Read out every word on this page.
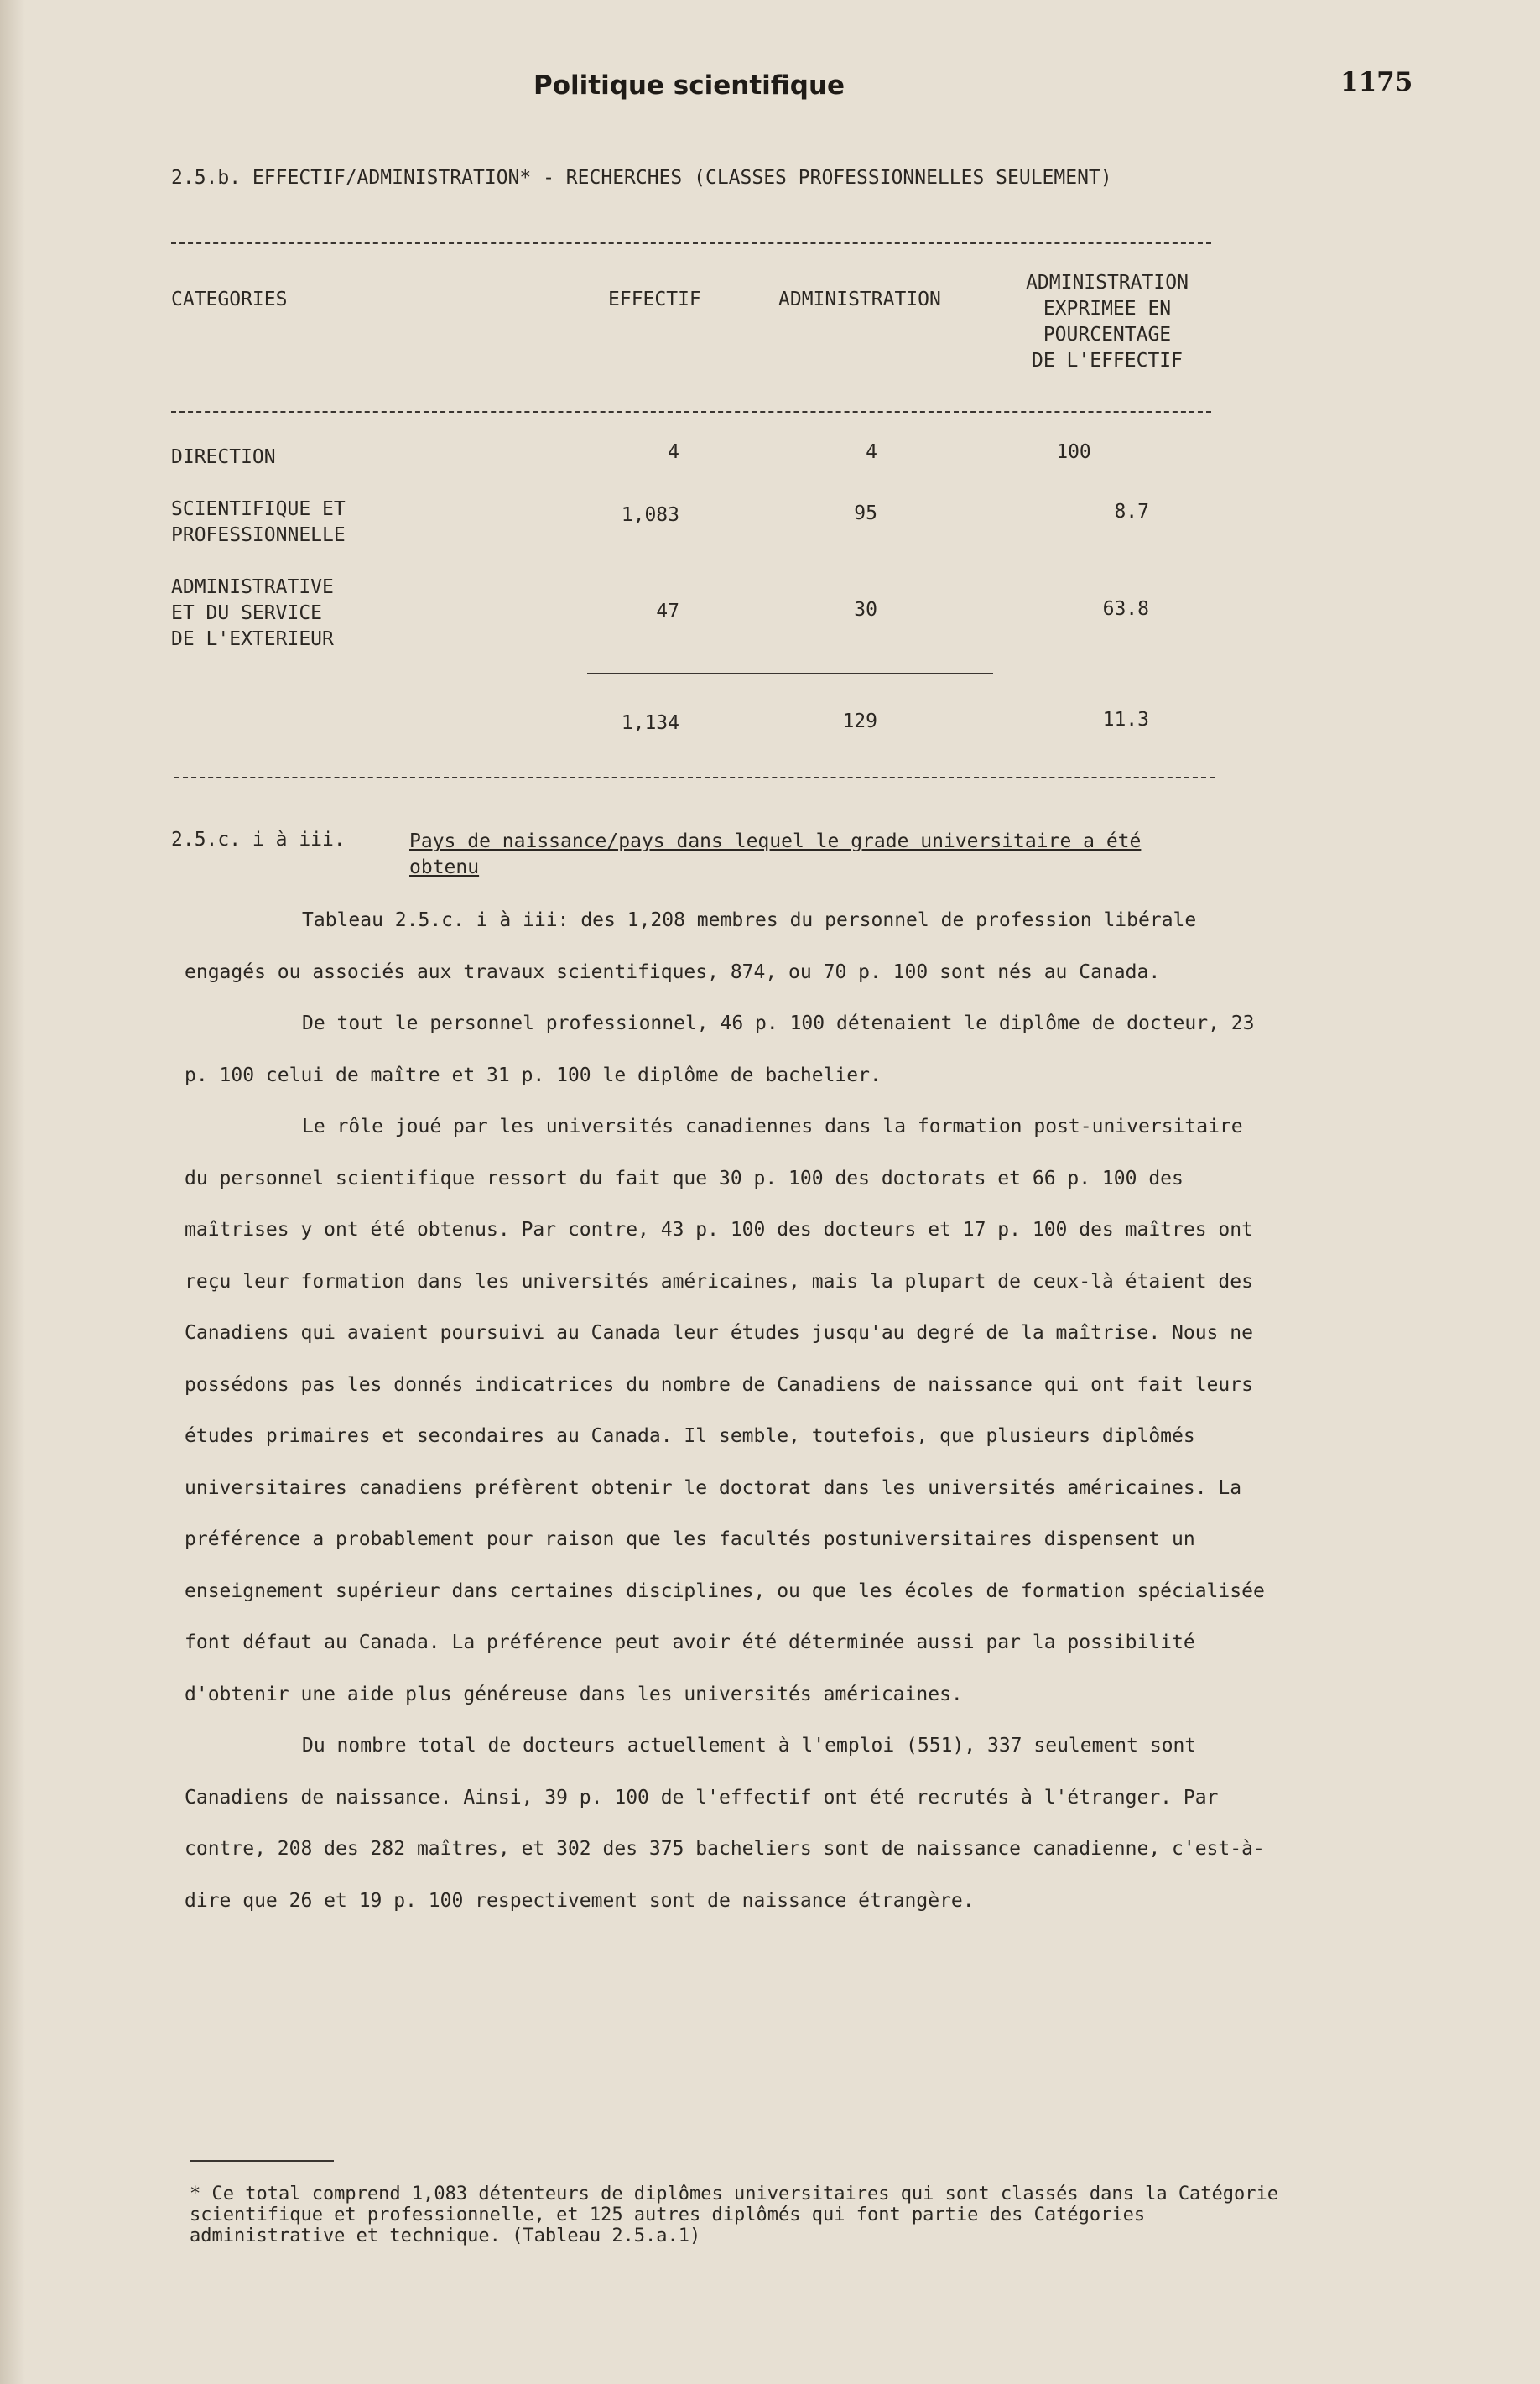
Politique scientifique	1175
2.5.b. EFFECTIF/ADMINISTRATION* - RECHERCHES (CLASSES PROFESSIONNELLES SEULEMENT)
CATEGORIES	EFFECTIF	ADMINISTRATION
ADMINISTRATION
EXPRIMEE EN
POURCENTAGE
DE L'EFFECTIF
DIRECTION	4	4	100
SCIENTIFIQUE ET
PROFESSIONNELLE
1,083	95	8.7
ADMINISTRATIVE
ET DU SERVICE
DE L'EXTERIEUR
47	30	63.8
1,134	129	11.3
2.5.c. i à iii.	Pays de naissance/pays dans lequel le grade universitaire a été
obtenu

Tableau 2.5.c. i à iii: des 1,208 membres du personnel de profession libérale engagés ou associés aux travaux scientifiques, 874, ou 70 p. 100 sont nés au Canada.

De tout le personnel professionnel, 46 p. 100 détenaient le diplôme de docteur, 23 p. 100 celui de maître et 31 p. 100 le diplôme de bachelier.

Le rôle joué par les universités canadiennes dans la formation post-universitaire du personnel scientifique ressort du fait que 30 p. 100 des doctorats et 66 p. 100 des maîtrises y ont été obtenus. Par contre, 43 p. 100 des docteurs et 17 p. 100 des maîtres ont reçu leur formation dans les universités américaines, mais la plupart de ceux-là étaient des Canadiens qui avaient poursuivi au Canada leur études jusqu'au degré de la maîtrise. Nous ne possédons pas les donnés indicatrices du nombre de Canadiens de naissance qui ont fait leurs études primaires et secondaires au Canada. Il semble, toutefois, que plusieurs diplômés universitaires canadiens préfèrent obtenir le doctorat dans les universités américaines. La préférence a probablement pour raison que les facultés postuniversitaires dispensent un enseignement supérieur dans certaines disciplines, ou que les écoles de formation spécialisée font défaut au Canada. La préférence peut avoir été déterminée aussi par la possibilité d'obtenir une aide plus généreuse dans les universités américaines.

Du nombre total de docteurs actuellement à l'emploi (551), 337 seulement sont Canadiens de naissance. Ainsi, 39 p. 100 de l'effectif ont été recrutés à l'étranger. Par contre, 208 des 282 maîtres, et 302 des 375 bacheliers sont de naissance canadienne, c'est-à-dire que 26 et 19 p. 100 respectivement sont de naissance étrangère.

* Ce total comprend 1,083 détenteurs de diplômes universitaires qui sont classés dans la Catégorie scientifique et professionnelle, et 125 autres diplômés qui font partie des Catégories administrative et technique. (Tableau 2.5.a.1)
